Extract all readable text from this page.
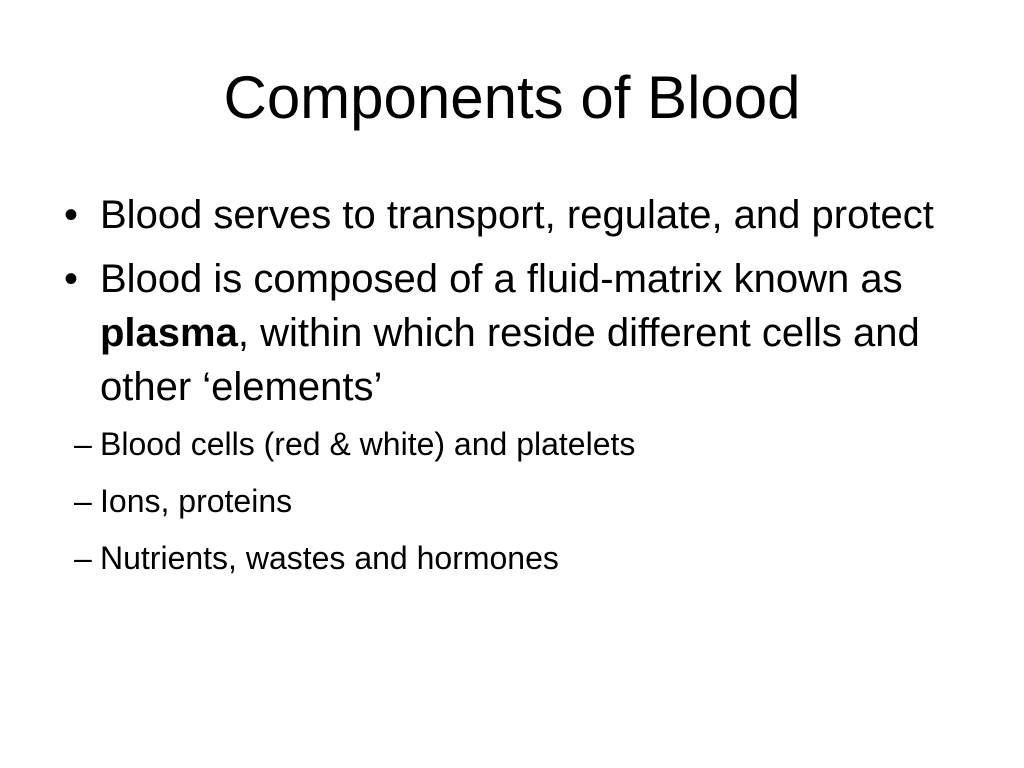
Components of Blood
• Blood serves to transport, regulate, and protect
• Blood is composed of a fluid-matrix known as plasma, within which reside different cells and other ‘elements’
– Blood cells (red & white) and platelets
– Ions, proteins
– Nutrients, wastes and hormones
